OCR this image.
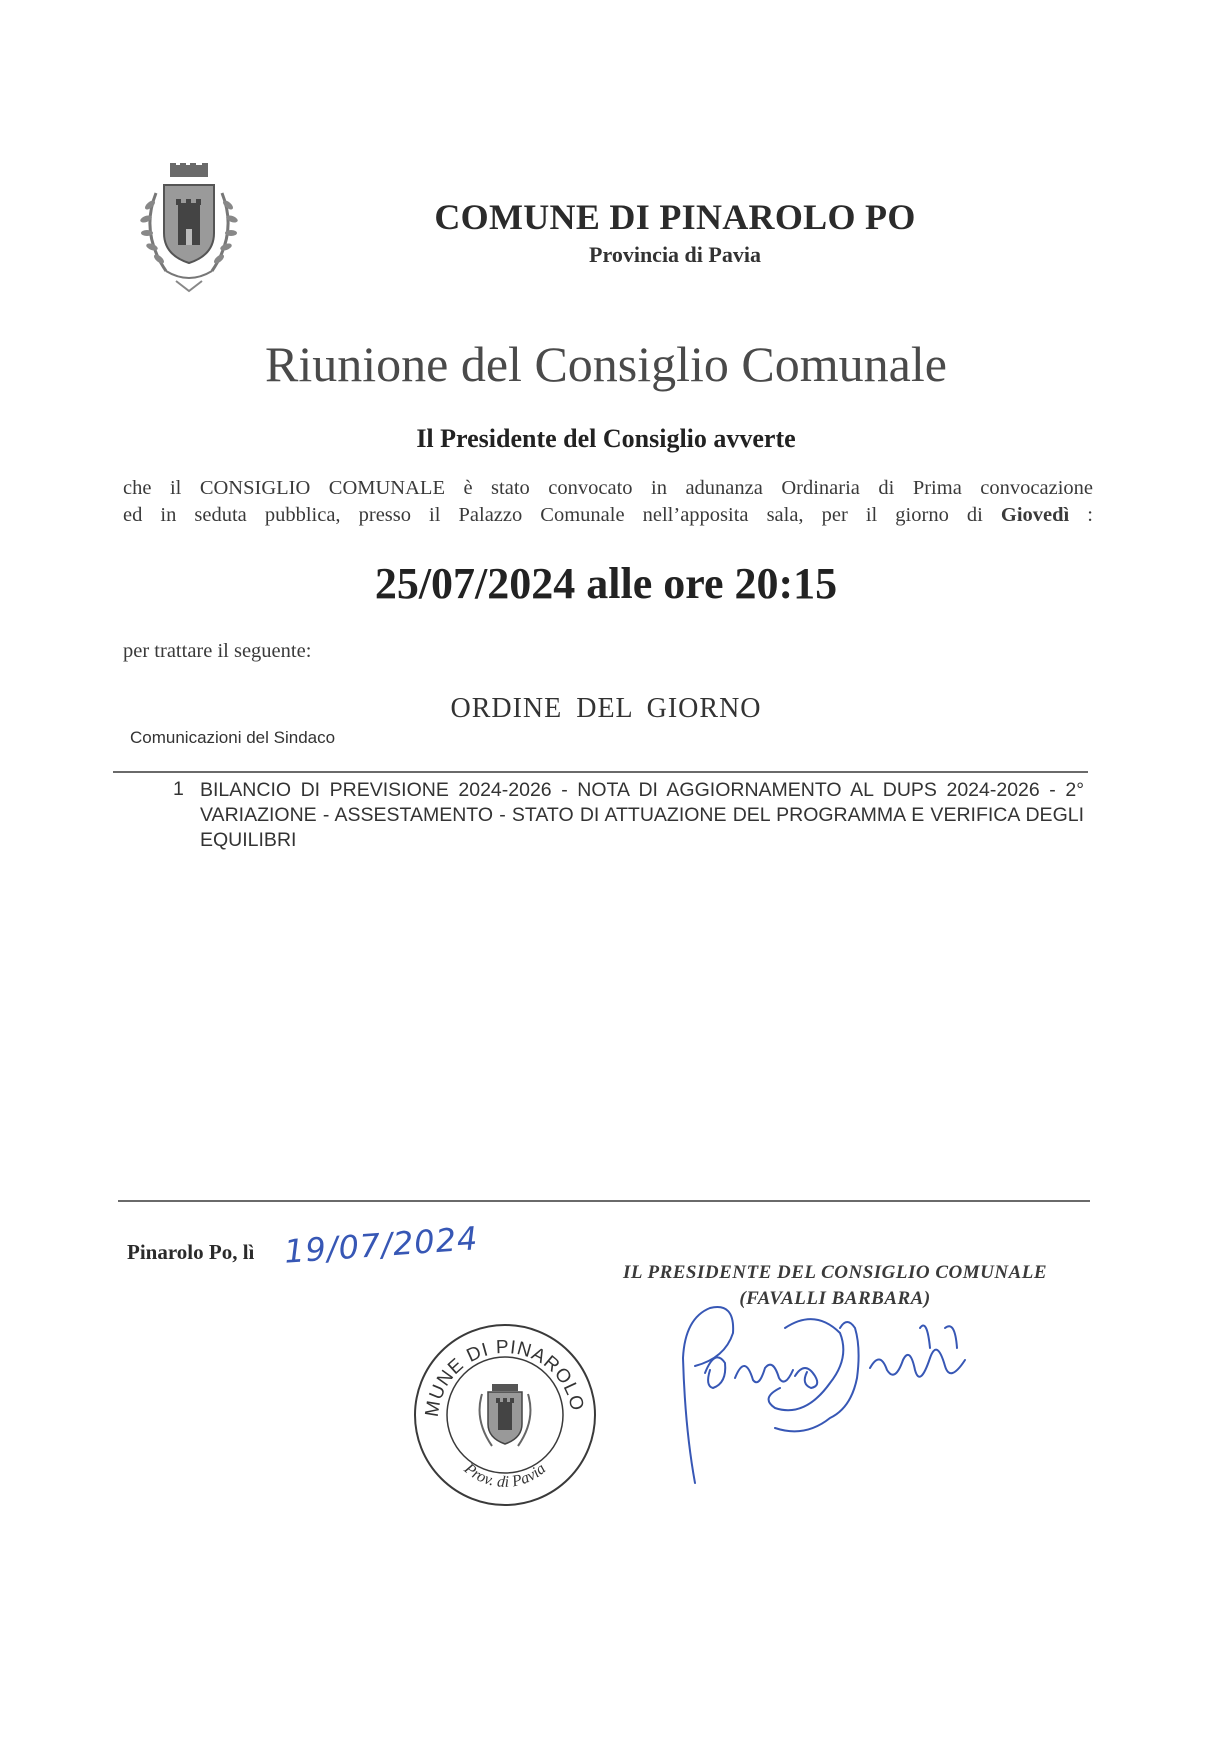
COMUNE DI PINAROLO PO
Provincia di Pavia
Riunione del Consiglio Comunale
Il Presidente del Consiglio avverte
che il CONSIGLIO COMUNALE è stato convocato in adunanza Ordinaria di Prima convocazione
ed in seduta pubblica, presso il Palazzo Comunale nell’apposita sala, per il giorno di Giovedì :
25/07/2024 alle ore 20:15
per trattare il seguente:
ORDINE DEL GIORNO
Comunicazioni del Sindaco
1 BILANCIO DI PREVISIONE 2024-2026 - NOTA DI AGGIORNAMENTO AL DUPS 2024-2026 - 2° VARIAZIONE - ASSESTAMENTO - STATO DI ATTUAZIONE DEL PROGRAMMA E VERIFICA DEGLI EQUILIBRI
Pinarolo Po, lì 19/07/2024
IL PRESIDENTE DEL CONSIGLIO COMUNALE
(FAVALLI BARBARA)
MUNE DI PINAROLO
Prov. di Pavia
